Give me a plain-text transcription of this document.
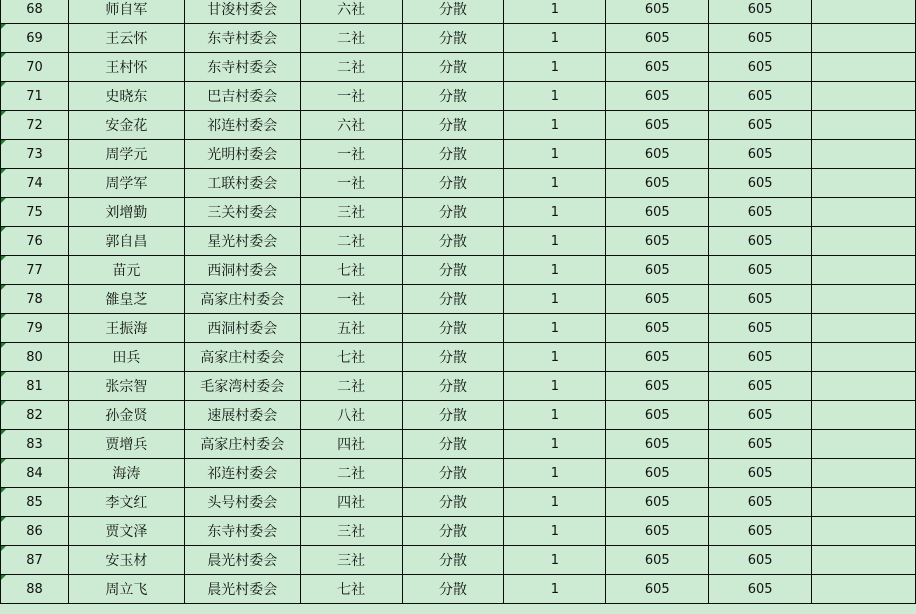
68	师自军	甘浚村委会	六社	分散	1	605	605	
69	王云怀	东寺村委会	二社	分散	1	605	605	
70	王村怀	东寺村委会	二社	分散	1	605	605	
71	史晓东	巴吉村委会	一社	分散	1	605	605	
72	安金花	祁连村委会	六社	分散	1	605	605	
73	周学元	光明村委会	一社	分散	1	605	605	
74	周学军	工联村委会	一社	分散	1	605	605	
75	刘增勤	三关村委会	三社	分散	1	605	605	
76	郭自昌	星光村委会	二社	分散	1	605	605	
77	苗元	西洞村委会	七社	分散	1	605	605	
78	雒皇芝	高家庄村委会	一社	分散	1	605	605	
79	王振海	西洞村委会	五社	分散	1	605	605	
80	田兵	高家庄村委会	七社	分散	1	605	605	
81	张宗智	毛家湾村委会	二社	分散	1	605	605	
82	孙金贤	速展村委会	八社	分散	1	605	605	
83	贾增兵	高家庄村委会	四社	分散	1	605	605	
84	海涛	祁连村委会	二社	分散	1	605	605	
85	李文红	头号村委会	四社	分散	1	605	605	
86	贾文泽	东寺村委会	三社	分散	1	605	605	
87	安玉材	晨光村委会	三社	分散	1	605	605	
88	周立飞	晨光村委会	七社	分散	1	605	605	
